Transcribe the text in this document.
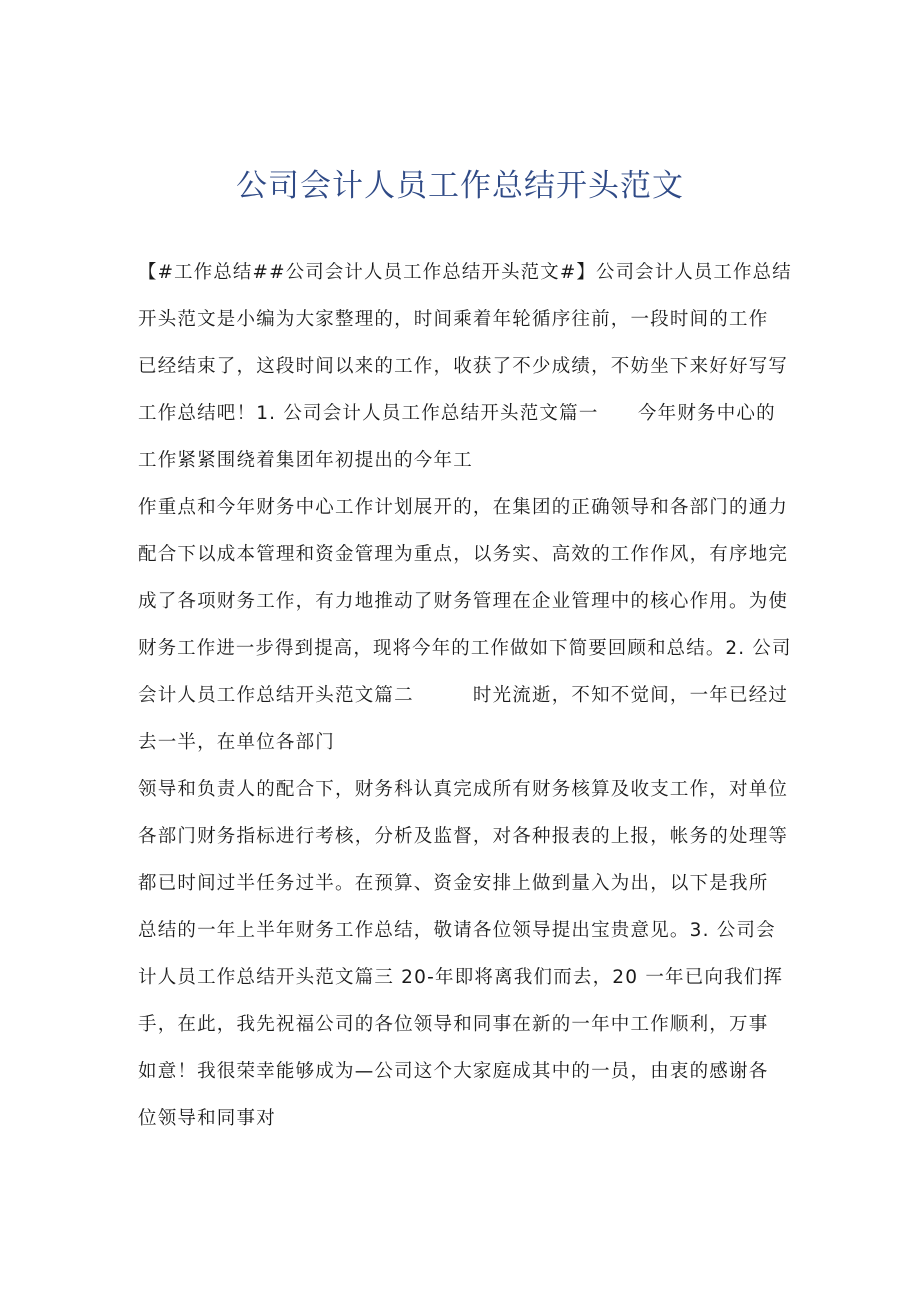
公司会计人员工作总结开头范文
【#工作总结##公司会计人员工作总结开头范文#】公司会计人员工作总结
开头范文是小编为大家整理的，时间乘着年轮循序往前，一段时间的工作
已经结束了，这段时间以来的工作，收获了不少成绩，不妨坐下来好好写写
工作总结吧！1. 公司会计人员工作总结开头范文篇一　　今年财务中心的
工作紧紧围绕着集团年初提出的今年工
作重点和今年财务中心工作计划展开的，在集团的正确领导和各部门的通力
配合下以成本管理和资金管理为重点，以务实、高效的工作作风，有序地完
成了各项财务工作，有力地推动了财务管理在企业管理中的核心作用。为使
财务工作进一步得到提高，现将今年的工作做如下简要回顾和总结。2. 公司
会计人员工作总结开头范文篇二　　　时光流逝，不知不觉间，一年已经过
去一半，在单位各部门
领导和负责人的配合下，财务科认真完成所有财务核算及收支工作，对单位
各部门财务指标进行考核，分析及监督，对各种报表的上报，帐务的处理等
都已时间过半任务过半。在预算、资金安排上做到量入为出，以下是我所
总结的一年上半年财务工作总结，敬请各位领导提出宝贵意见。3. 公司会
计人员工作总结开头范文篇三 20-年即将离我们而去，20 一年已向我们挥
手，在此，我先祝福公司的各位领导和同事在新的一年中工作顺利，万事
如意！我很荣幸能够成为—公司这个大家庭成其中的一员，由衷的感谢各
位领导和同事对
